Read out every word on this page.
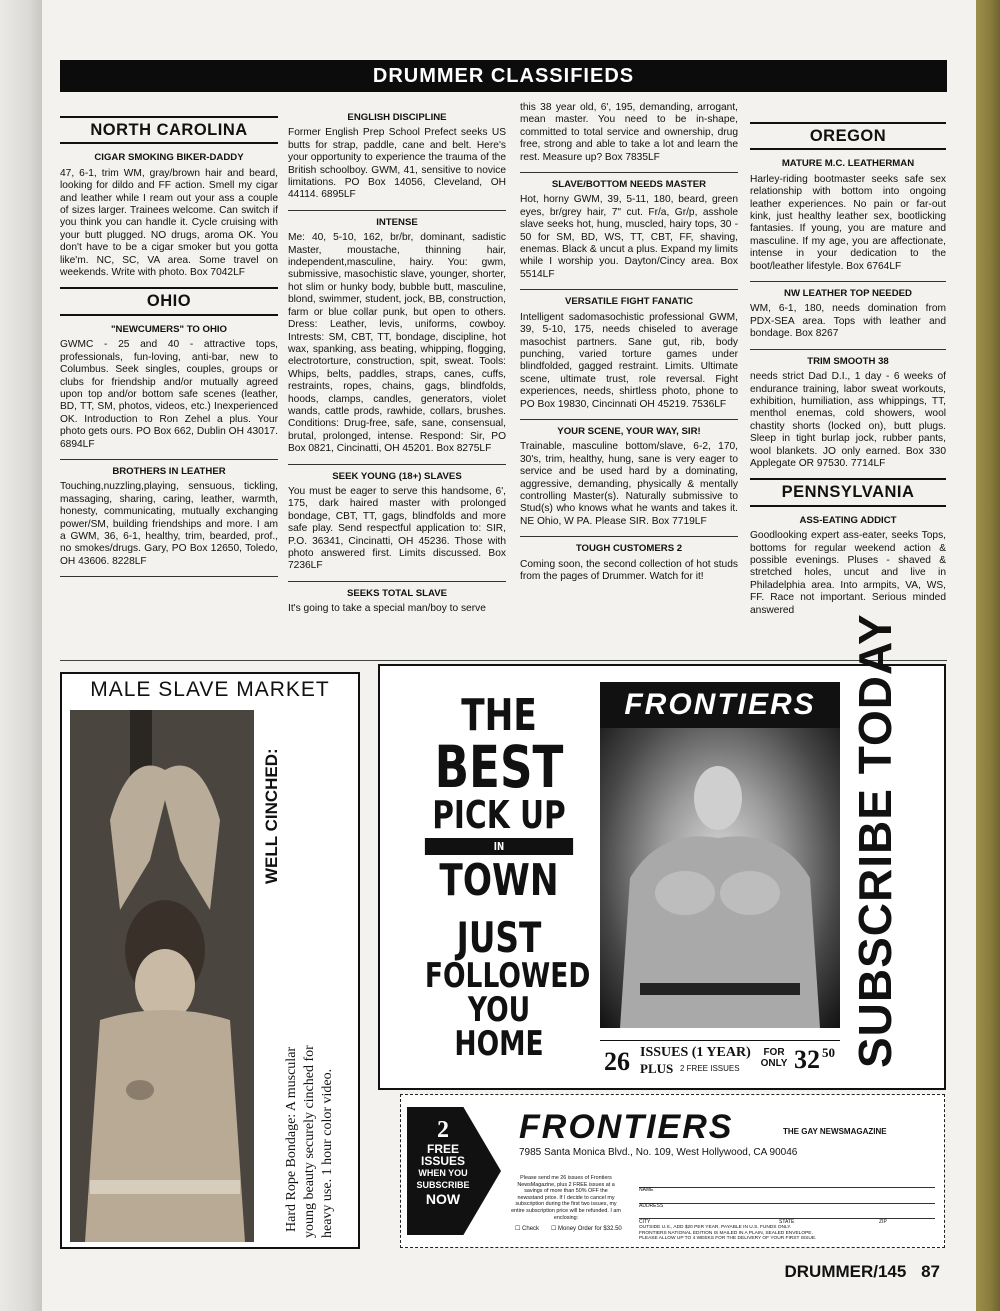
DRUMMER CLASSIFIEDS
NORTH CAROLINA
CIGAR SMOKING BIKER-DADDY
47, 6-1, trim WM, gray/brown hair and beard, looking for dildo and FF action. Smell my cigar and leather while I ream out your ass a couple of sizes larger. Trainees welcome. Can switch if you think you can handle it. Cycle cruising with your butt plugged. NO drugs, aroma OK. You don't have to be a cigar smoker but you gotta like'm. NC, SC, VA area. Some travel on weekends. Write with photo. Box 7042LF
OHIO
"NEWCUMERS" TO OHIO
GWMC - 25 and 40 - attractive tops, professionals, fun-loving, anti-bar, new to Columbus. Seek singles, couples, groups or clubs for friendship and/or mutually agreed upon top and/or bottom safe scenes (leather, BD, TT, SM, photos, videos, etc.) Inexperienced OK. Introduction to Ron Zehel a plus. Your photo gets ours. PO Box 662, Dublin OH 43017. 6894LF
BROTHERS IN LEATHER
Touching,nuzzling,playing, sensuous, tickling, massaging, sharing, caring, leather, warmth, honesty, communicating, mutually exchanging power/SM, building friendships and more. I am a GWM, 36, 6-1, healthy, trim, bearded, prof., no smokes/drugs. Gary, PO Box 12650, Toledo, OH 43606. 8228LF
ENGLISH DISCIPLINE
Former English Prep School Prefect seeks US butts for strap, paddle, cane and belt. Here's your opportunity to experience the trauma of the British schoolboy. GWM, 41, sensitive to novice limitations. PO Box 14056, Cleveland, OH 44114. 6895LF
INTENSE
Me: 40, 5-10, 162, br/br, dominant, sadistic Master, moustache, thinning hair, independent,masculine, hairy. You: gwm, submissive, masochistic slave, younger, shorter, hot slim or hunky body, bubble butt, masculine, blond, swimmer, student, jock, BB, construction, farm or blue collar punk, but open to others. Dress: Leather, levis, uniforms, cowboy. Intrests: SM, CBT, TT, bondage, discipline, hot wax, spanking, ass beating, whipping, flogging, electrotorture, construction, spit, sweat. Tools: Whips, belts, paddles, straps, canes, cuffs, restraints, ropes, chains, gags, blindfolds, hoods, clamps, candles, generators, violet wands, cattle prods, rawhide, collars, brushes. Conditions: Drug-free, safe, sane, consensual, brutal, prolonged, intense. Respond: Sir, PO Box 0821, Cincinatti, OH 45201. Box 8275LF
SEEK YOUNG (18+) SLAVES
You must be eager to serve this handsome, 6', 175, dark haired master with prolonged bondage, CBT, TT, gags, blindfolds and more safe play. Send respectful application to: SIR, P.O. 36341, Cincinatti, OH 45236. Those with photo answered first. Limits discussed. Box 7236LF
SEEKS TOTAL SLAVE
It's going to take a special man/boy to serve
this 38 year old, 6', 195, demanding, arrogant, mean master. You need to be in-shape, committed to total service and ownership, drug free, strong and able to take a lot and learn the rest. Measure up? Box 7835LF
SLAVE/BOTTOM NEEDS MASTER
Hot, horny GWM, 39, 5-11, 180, beard, green eyes, br/grey hair, 7" cut. Fr/a, Gr/p, asshole slave seeks hot, hung, muscled, hairy tops, 30 - 50 for SM, BD, WS, TT, CBT, FF, shaving, enemas. Black & uncut a plus. Expand my limits while I worship you. Dayton/Cincy area. Box 5514LF
VERSATILE FIGHT FANATIC
Intelligent sadomasochistic professional GWM, 39, 5-10, 175, needs chiseled to average masochist partners. Sane gut, rib, body punching, varied torture games under blindfolded, gagged restraint. Limits. Ultimate scene, ultimate trust, role reversal. Fight experiences, needs, shirtless photo, phone to PO Box 19830, Cincinnati OH 45219. 7536LF
YOUR SCENE, YOUR WAY, SIR!
Trainable, masculine bottom/slave, 6-2, 170, 30's, trim, healthy, hung, sane is very eager to service and be used hard by a dominating, aggressive, demanding, physically & mentally controlling Master(s). Naturally submissive to Stud(s) who knows what he wants and takes it. NE Ohio, W PA. Please SIR. Box 7719LF
TOUGH CUSTOMERS 2
Coming soon, the second collection of hot studs from the pages of Drummer. Watch for it!
OREGON
MATURE M.C. LEATHERMAN
Harley-riding bootmaster seeks safe sex relationship with bottom into ongoing leather experiences. No pain or far-out kink, just healthy leather sex, bootlicking fantasies. If young, you are mature and masculine. If my age, you are affectionate, intense in your dedication to the boot/leather lifestyle. Box 6764LF
NW LEATHER TOP NEEDED
WM, 6-1, 180, needs domination from PDX-SEA area. Tops with leather and bondage. Box 8267
TRIM SMOOTH 38
needs strict Dad D.I., 1 day - 6 weeks of endurance training, labor sweat workouts, exhibition, humiliation, ass whippings, TT, menthol enemas, cold showers, wool chastity shorts (locked on), butt plugs. Sleep in tight burlap jock, rubber pants, wool blankets. JO only earned. Box 330 Applegate OR 97530. 7714LF
PENNSYLVANIA
ASS-EATING ADDICT
Goodlooking expert ass-eater, seeks Tops, bottoms for regular weekend action & possible evenings. Pluses - shaved & stretched holes, uncut and live in Philadelphia area. Into armpits, VA, WS, FF. Race not important. Serious minded answered
MALE SLAVE MARKET
WELL CINCHED:
Hard Rope Bondage: A muscular young beauty securely cinched for heavy use. 1 hour color video.
THE
BEST
PICK UP
IN
TOWN
JUST
FOLLOWED
YOU HOME
FRONTIERS SUBSCRIBE TODAY
26 ISSUES (1 YEAR)
PLUS 2 FREE ISSUES
FOR ONLY 32 50
2
FREE
ISSUES
WHEN YOU
SUBSCRIBE
NOW
FRONTIERS	THE GAY NEWSMAGAZINE
7985 Santa Monica Blvd., No. 109, West Hollywood, CA 90046
Please send me 26 issues of Frontiers NewsMagazine, plus 2 FREE issues at a savings of more than 50% OFF the newsstand price. If I decide to cancel my subscription during the first two issues, my entire subscription price will be refunded. I am enclosing:
☐ Check ☐ Money Order for $32.50
NAME
ADDRESS
CITY	STATE	ZIP
OUTSIDE U.S., ADD $20 PER YEAR. PAYABLE IN U.S. FUNDS ONLY.
FRONTIERS NATIONAL EDITION IS MAILED IN A PLAIN, SEALED ENVELOPE.
PLEASE ALLOW UP TO 4 WEEKS FOR THE DELIVERY OF YOUR FIRST ISSUE.
DRUMMER/145 87
